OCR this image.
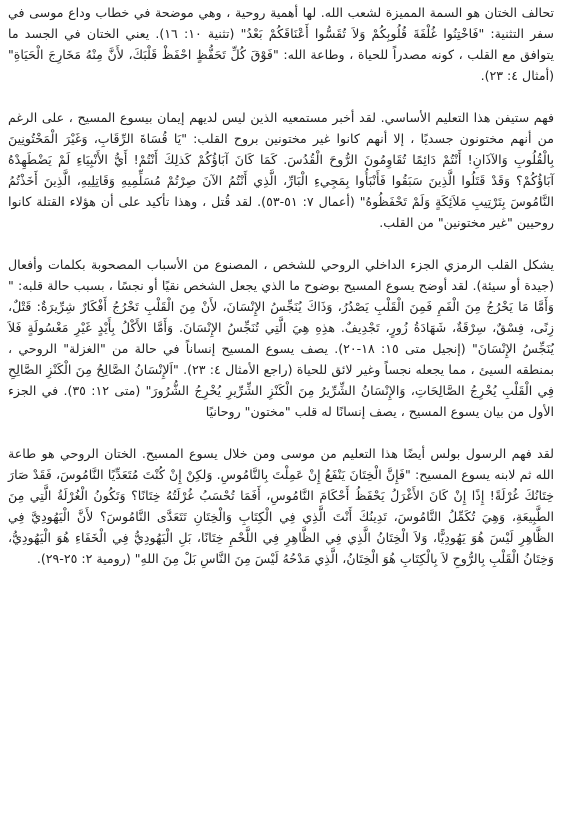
تحالف الختان هو السمة المميزة لشعب الله. لها أهمية روحية ، وهي موضحة في خطاب وداع موسى في سفر التثنية: "فَاخْتِنُوا غُلْفَةَ قُلُوبِكُمْ وَلاَ تُقَسُّوا أَعْنَاقَكُمْ بَعْدُ" (تثنية ١٠: ١٦). يعني الختان في الجسد ما يتوافق مع القلب ، كونه مصدراً للحياة ، وطاعة الله: "فَوْقَ كُلِّ تَحَفُّظٍ احْفَظْ قَلْبَكَ، لأَنَّ مِنْهُ مَخَارِجَ الْحَيَاةِ" (أمثال ٤: ٢٣).

فهم ستيفن هذا التعليم الأساسي. لقد أخبر مستمعيه الذين ليس لديهم إيمان بيسوع المسيح ، على الرغم من أنهم مختونون جسديًا ، إلا أنهم كانوا غير مختونين بروح القلب: "يَا قُسَاةَ الرِّقَابِ، وَغَيْرَ الْمَخْتُونِينَ بِالْقُلُوبِ وَالآذَانِ! أَنْتُمْ دَائِمًا تُقَاوِمُونَ الرُّوحَ الْقُدُسَ. كَمَا كَانَ آبَاؤُكُمْ كَذلِكَ أَنْتُمْ! أَيُّ الأَنْبِيَاءِ لَمْ يَضْطَهِدْهُ آبَاؤُكُمْ؟ وَقَدْ قَتَلُوا الَّذِينَ سَبَقُوا فَأَنْبَأُوا بِمَجِيءِ الْبَارِّ، الَّذِي أَنْتُمُ الآنَ صِرْتُمْ مُسَلِّمِيهِ وَقَاتِلِيهِ، الَّذِينَ أَخَذْتُمُ النَّامُوسَ بِتَرْتِيبِ مَلاَئِكَةٍ وَلَمْ تَحْفَظُوهُ" (أعمال ٧: ٥١-٥٣). لقد قُتل ، وهذا تأكيد على أن هؤلاء القتلة كانوا روحيين "غير مختونين" من القلب.

يشكل القلب الرمزي الجزء الداخلي الروحي للشخص ، المصنوع من الأسباب المصحوبة بكلمات وأفعال (جيدة أو سيئة). لقد أوضح يسوع المسيح بوضوح ما الذي يجعل الشخص نقيًا أو نجسًا ، بسبب حالة قلبه: " وَأَمَّا مَا يَخْرُجُ مِنَ الْفَمِ فَمِنَ الْقَلْبِ يَصْدُرُ، وَذَاكَ يُنَجِّسُ الإِنْسَانَ، لأَنْ مِنَ الْقَلْبِ تَخْرُجُ أَفْكَارٌ شِرِّيرَةٌ: قَتْلٌ، زِنًى، فِسْقٌ، سِرْقَةٌ، شَهَادَةُ زُورٍ، تَجْدِيفٌ. هذِهِ هِيَ الَّتِي تُنَجِّسُ الإِنْسَانَ. وَأَمَّا الأَكْلُ بِأَيْدٍ غَيْرِ مَغْسُولَةٍ فَلاَ يُنَجِّسُ الإِنْسَانَ" (إنجيل متى ١٥: ١٨-٢٠). يصف يسوع المسيح إنساناً في حالة من "الغزلة" الروحي ، بمنطقه السيئ ، مما يجعله نجساً وغير لائق للحياة (راجع الأمثال ٤: ٢٣). "اَلإِنْسَانُ الصَّالِحُ مِنَ الْكَنْزِ الصَّالِحِ فِي الْقَلْبِ يُخْرِجُ الصَّالِحَاتِ، وَالإِنْسَانُ الشِّرِّيرُ مِنَ الْكَنْزِ الشِّرِّيرِ يُخْرِجُ الشُّرُورَ" (متى ١٢: ٣٥). في الجزء الأول من بيان يسوع المسيح ، يصف إنسانًا له قلب "مختون" روحانيًا

لقد فهم الرسول بولس أيضًا هذا التعليم من موسى ومن خلال يسوع المسيح. الختان الروحي هو طاعة الله ثم لابنه يسوع المسيح: "فَإِنَّ الْخِتَانَ يَنْفَعُ إِنْ عَمِلْتَ بِالنَّامُوسِ. وَلكِنْ إِنْ كُنْتَ مُتَعَدِّيًا النَّامُوسَ، فَقَدْ صَارَ خِتَانُكَ غُرْلَةً! إِذًا إِنْ كَانَ الأَغْرَلُ يَحْفَظُ أَحْكَامَ النَّامُوسِ، أَفَمَا تُحْسَبُ غُرْلَتُهُ خِتَانًا؟ وَتَكُونُ الْغُرْلَةُ الَّتِي مِنَ الطَّبِيعَةِ، وَهِيَ تُكَمِّلُ النَّامُوسَ، تَدِينُكَ أَنْتَ الَّذِي فِي الْكِتَابِ وَالْخِتَانِ تَتَعَدَّى النَّامُوسَ؟ لأَنَّ الْيَهُودِيَّ فِي الظَّاهِرِ لَيْسَ هُوَ يَهُودِيًّا، وَلاَ الْخِتَانُ الَّذِي فِي الظَّاهِرِ فِي اللَّحْمِ خِتَانًا، بَلِ الْيَهُودِيُّ فِي الْخَفَاءِ هُوَ الْيَهُودِيُّ، وَخِتَانُ الْقَلْبِ بِالرُّوحِ لاَ بِالْكِتَابِ هُوَ الْخِتَانُ، الَّذِي مَدْحُهُ لَيْسَ مِنَ النَّاسِ بَلْ مِنَ اللهِ" (رومية ٢: ٢٥-٢٩).
